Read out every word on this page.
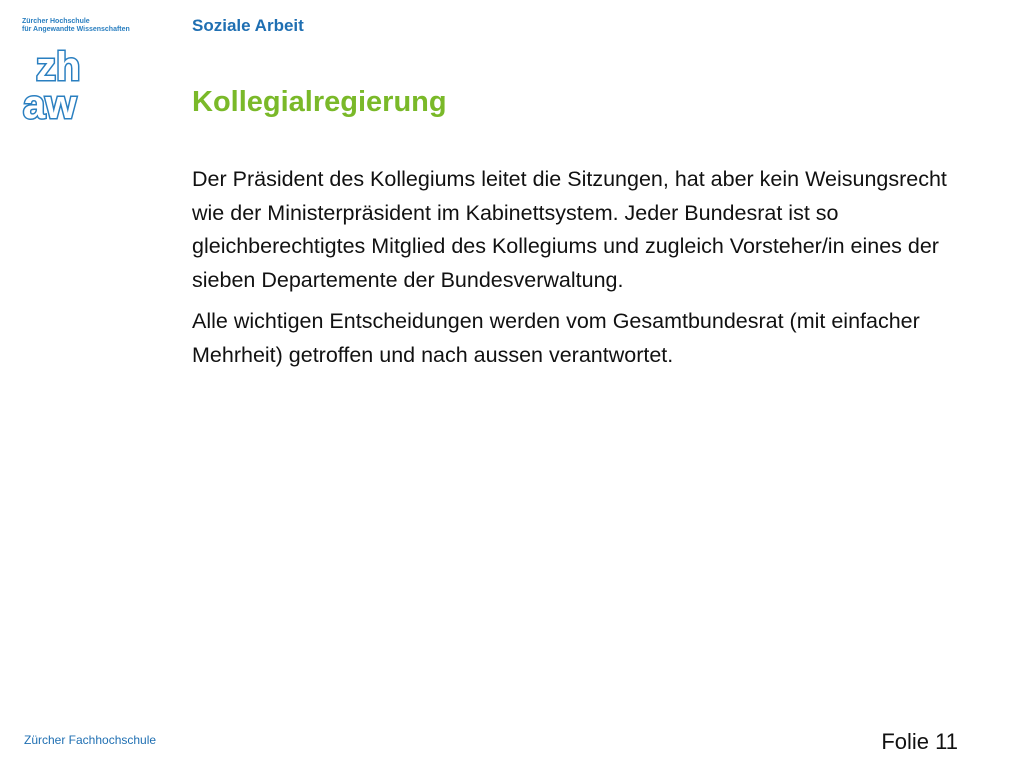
Zürcher Hochschule
für Angewandte Wissenschaften
zh
aw
Soziale Arbeit
Kollegialregierung

Der Präsident des Kollegiums leitet die Sitzungen, hat aber kein Weisungsrecht wie der Ministerpräsident im Kabinettsystem. Jeder Bundesrat ist so gleichberechtigtes Mitglied des Kollegiums und zugleich Vorsteher/in eines der sieben Departemente der Bundesverwaltung.

Alle wichtigen Entscheidungen werden vom Gesamtbundesrat (mit einfacher Mehrheit) getroffen und nach aussen verantwortet.

Zürcher Fachhochschule	Folie 11
